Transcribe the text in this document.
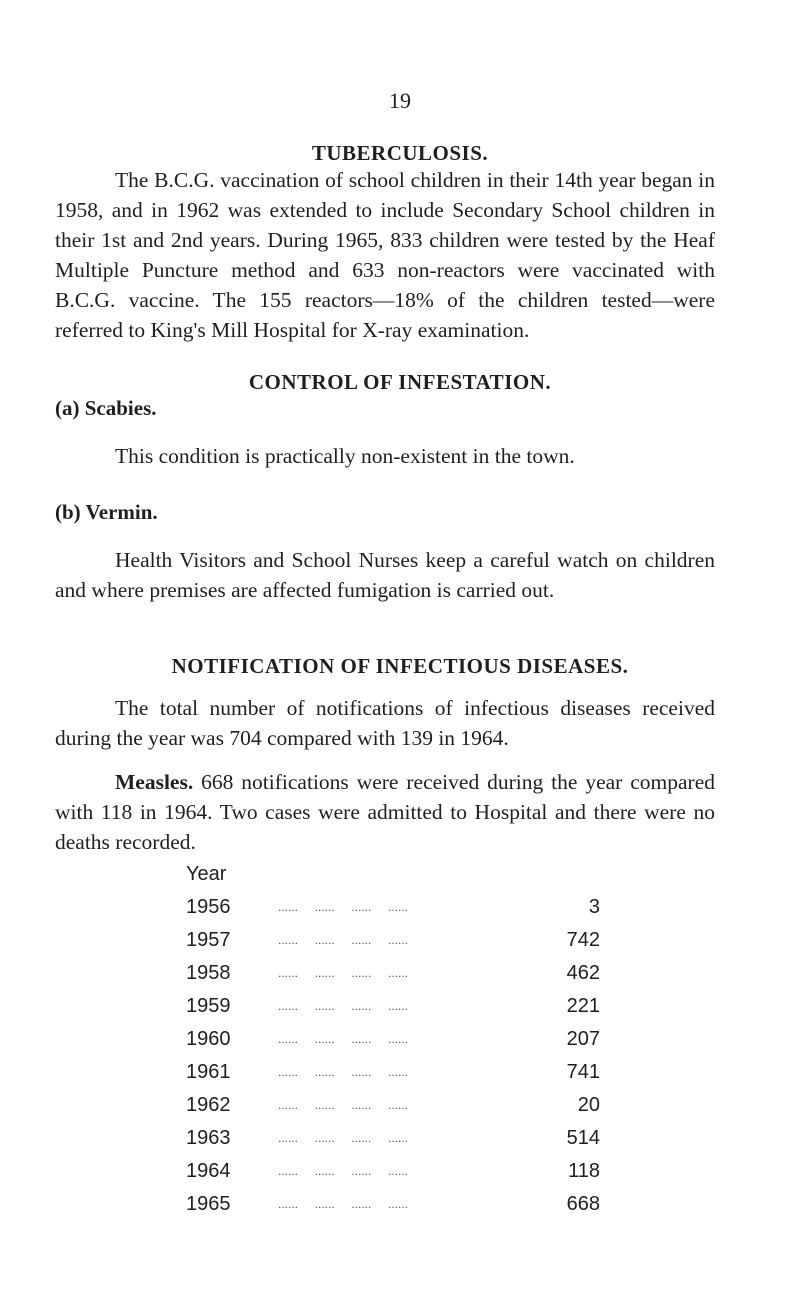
19
TUBERCULOSIS.
The B.C.G. vaccination of school children in their 14th year began in 1958, and in 1962 was extended to include Secondary School children in their 1st and 2nd years. During 1965, 833 children were tested by the Heaf Multiple Puncture method and 633 non-reactors were vaccinated with B.C.G. vaccine. The 155 reactors—18% of the children tested—were referred to King's Mill Hospital for X-ray examination.
CONTROL OF INFESTATION.
(a) Scabies.
This condition is practically non-existent in the town.
(b) Vermin.
Health Visitors and School Nurses keep a careful watch on children and where premises are affected fumigation is carried out.
NOTIFICATION OF INFECTIOUS DISEASES.
The total number of notifications of infectious diseases received during the year was 704 compared with 139 in 1964.
Measles. 668 notifications were received during the year compared with 118 in 1964. Two cases were admitted to Hospital and there were no deaths recorded.
Year
1956	......     ......     ......     ......	3
1957	......     ......     ......     ......	742
1958	......     ......     ......     ......	462
1959	......     ......     ......     ......	221
1960	......     ......     ......     ......	207
1961	......     ......     ......     ......	741
1962	......     ......     ......     ......	20
1963	......     ......     ......     ......	514
1964	......     ......     ......     ......	118
1965	......     ......     ......     ......	668
